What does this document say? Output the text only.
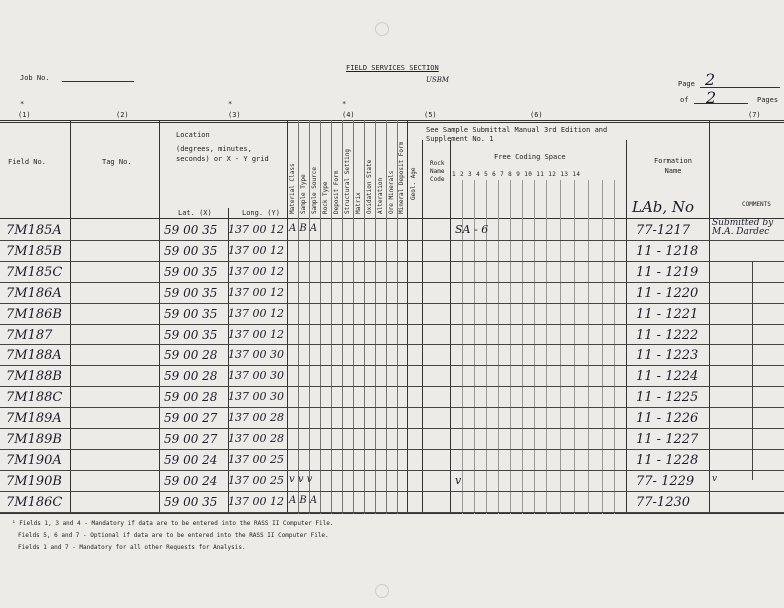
FIELD SERVICES SECTION
USBM
Job No.
Page 2
of 2	Pages
*	*	*
(1)	(2)	(3)	(4)	(5)	(6)	(7)
Field No.	Tag No.
Location
(degrees, minutes, seconds) or X - Y grid
Lat. (X)	Long. (Y) Material Class Sample Type Sample Source Rock Type Deposit Form Structural Setting Matrix Oxidation State Alteration Ore Minerals Mineral Deposit Form Geol. Age
Rock Name Code
See Sample Submittal Manual 3rd Edition and Supplement No. 1
Free Coding Space
1 2 3 4 5 6 7 8 9 10 11 12 13 14
Formation Name
LAb, No	COMMENTS
7M185A	59 00 35 137 00 12 A B A	SA - 6	77-1217 Submitted by M.A. Dardec
7M185B	59 00 35 137 00 12	11 - 1218
7M185C	59 00 35 137 00 12	11 - 1219
7M186A	59 00 35 137 00 12	11 - 1220
7M186B	59 00 35 137 00 12	11 - 1221
7M187	59 00 35 137 00 12	11 - 1222
7M188A	59 00 28 137 00 30	11 - 1223
7M188B	59 00 28 137 00 30	11 - 1224
7M188C	59 00 28 137 00 30	11 - 1225
7M189A	59 00 27 137 00 28	11 - 1226
7M189B	59 00 27 137 00 28	11 - 1227
7M190A	59 00 24 137 00 25	11 - 1228
7M190B	59 00 24 137 00 25 v v v	v	77- 1229 v
7M186C	59 00 35 137 00 12 A B A	77-1230
¹ Fields 1, 3 and 4 - Mandatory if data are to be entered into the RASS II Computer File.
Fields 5, 6 and 7 - Optional if data are to be entered into the RASS II Computer File.
Fields 1 and 7 - Mandatory for all other Requests for Analysis.
